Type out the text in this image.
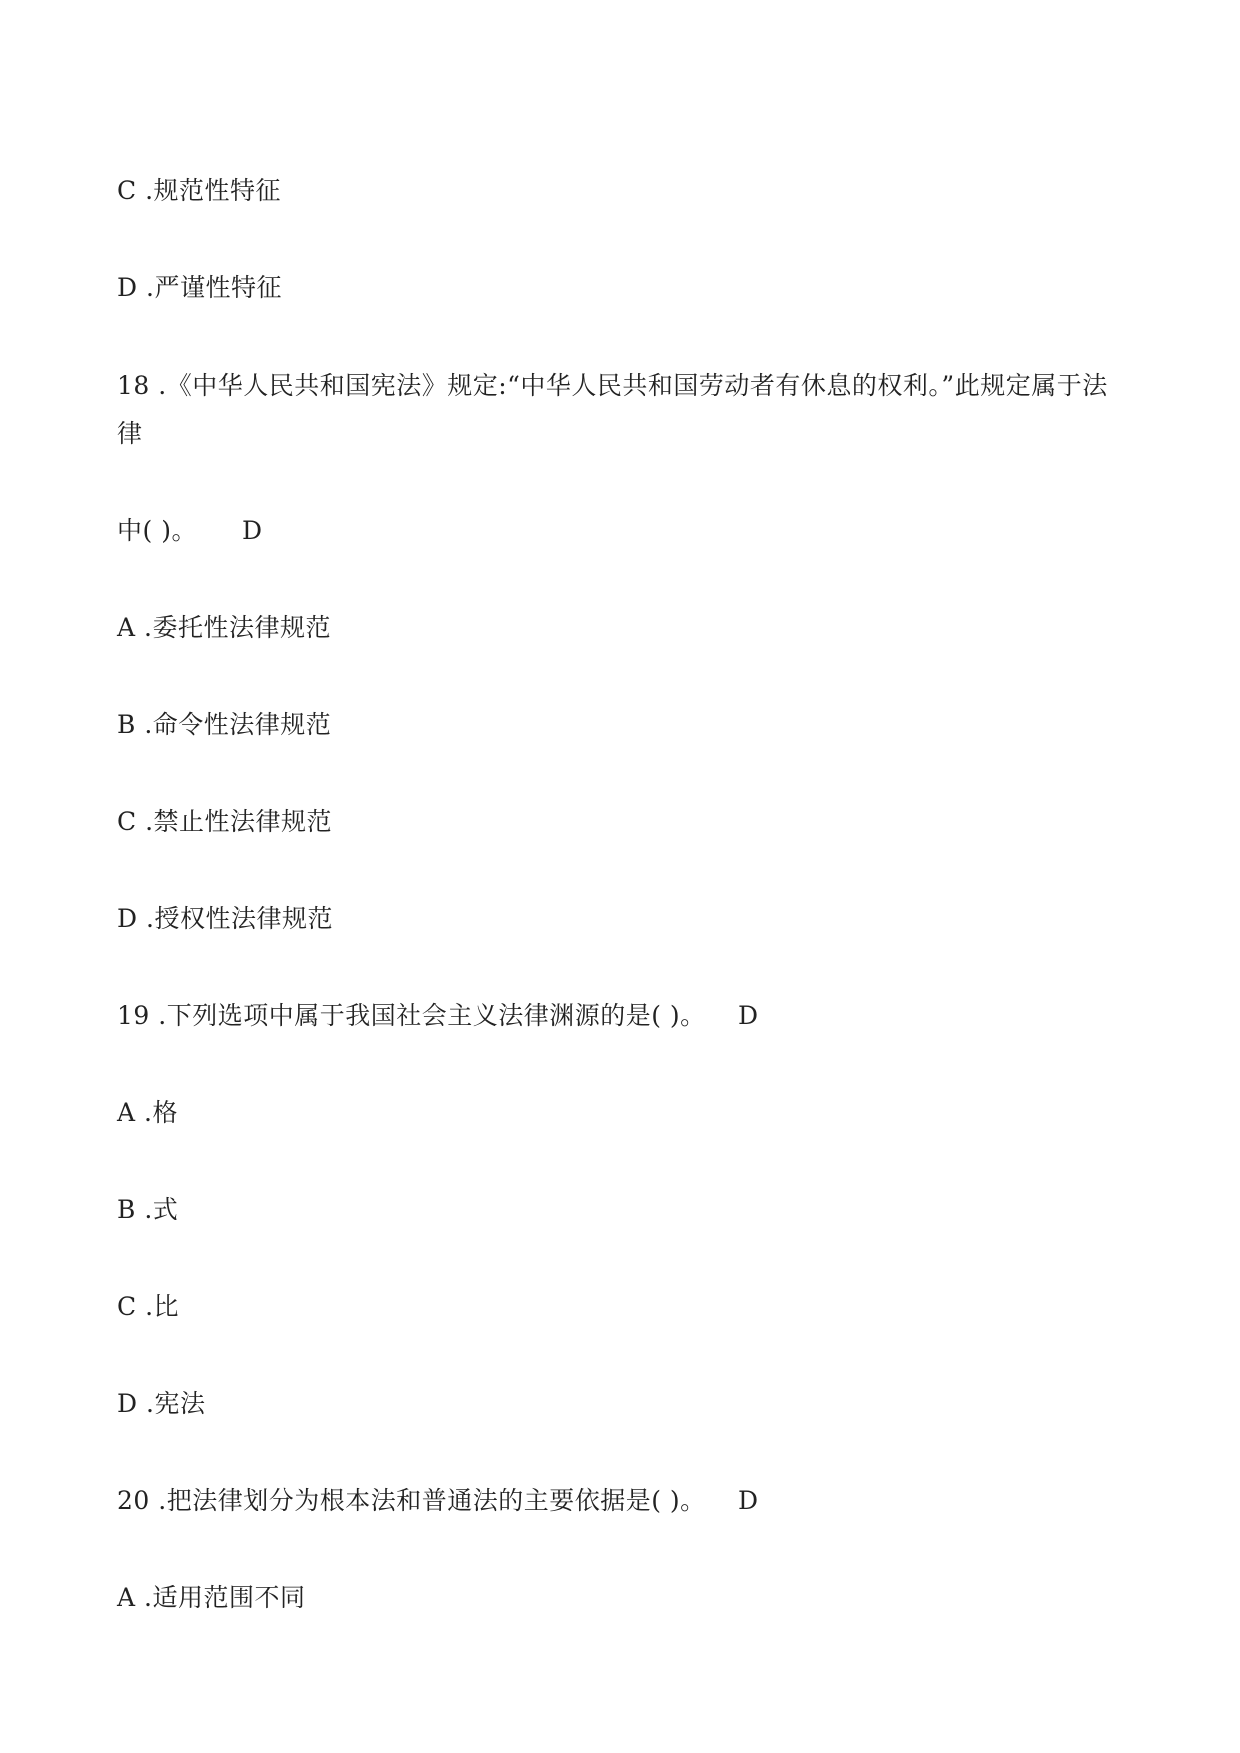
C .规范性特征
D .严谨性特征
18 .《中华人民共和国宪法》规定:“中华人民共和国劳动者有休息的权利。”此规定属于法
律
中( )。 D
A .委托性法律规范
B .命令性法律规范
C .禁止性法律规范
D .授权性法律规范
19 .下列选项中属于我国社会主义法律渊源的是( )。 D
A .格
B .式
C .比
D .宪法
20 .把法律划分为根本法和普通法的主要依据是( )。 D
A .适用范围不同
